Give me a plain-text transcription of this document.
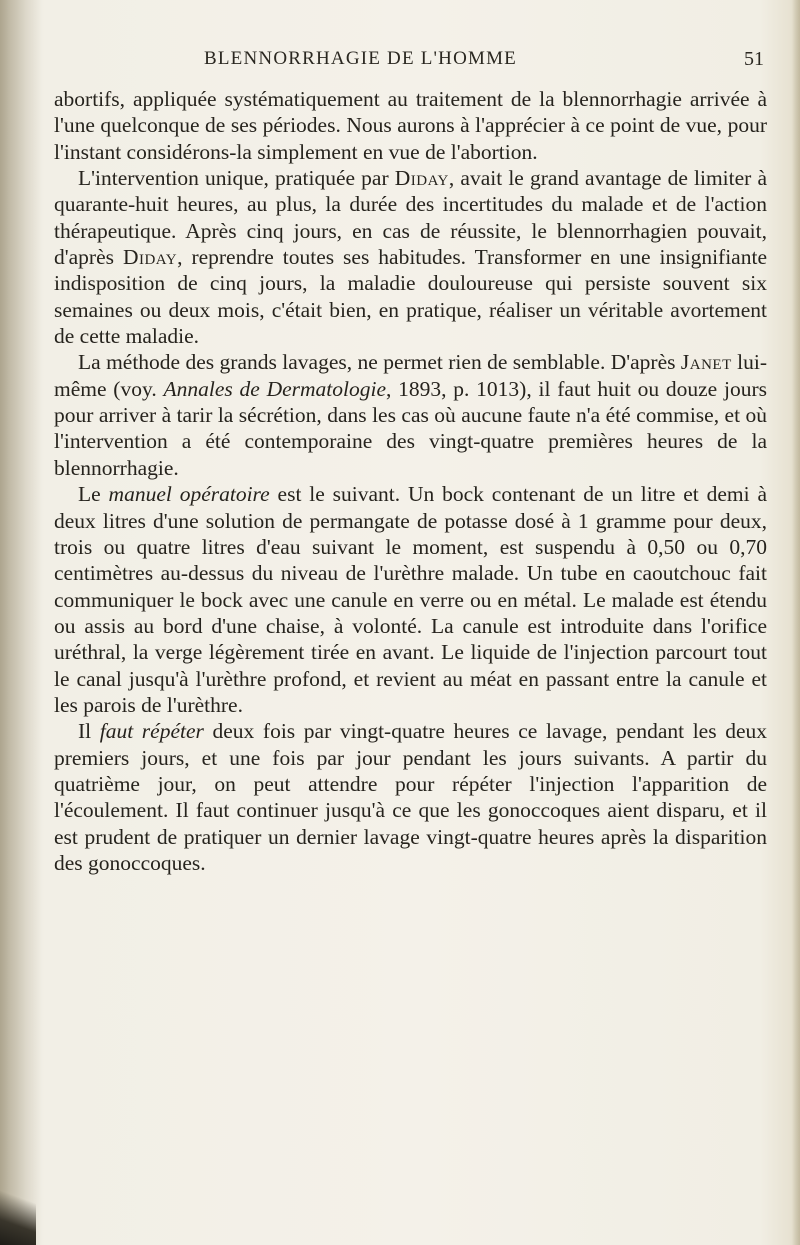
BLENNORRHAGIE DE L'HOMME	51

abortifs, appliquée systématiquement au traitement de la blennorrhagie arrivée à l'une quelconque de ses périodes. Nous aurons à l'apprécier à ce point de vue, pour l'instant considérons-la simplement en vue de l'abortion.

L'intervention unique, pratiquée par Diday, avait le grand avantage de limiter à quarante-huit heures, au plus, la durée des incertitudes du malade et de l'action thérapeutique. Après cinq jours, en cas de réussite, le blennorrhagien pouvait, d'après Diday, reprendre toutes ses habitudes. Transformer en une insignifiante indisposition de cinq jours, la maladie douloureuse qui persiste souvent six semaines ou deux mois, c'était bien, en pratique, réaliser un véritable avortement de cette maladie.

La méthode des grands lavages, ne permet rien de semblable. D'après Janet lui-même (voy. Annales de Dermatologie, 1893, p. 1013), il faut huit ou douze jours pour arriver à tarir la sécrétion, dans les cas où aucune faute n'a été commise, et où l'intervention a été contemporaine des vingt-quatre premières heures de la blennorrhagie.

Le manuel opératoire est le suivant. Un bock contenant de un litre et demi à deux litres d'une solution de permangate de potasse dosé à 1 gramme pour deux, trois ou quatre litres d'eau suivant le moment, est suspendu à 0,50 ou 0,70 centimètres au-dessus du niveau de l'urèthre malade. Un tube en caoutchouc fait communiquer le bock avec une canule en verre ou en métal. Le malade est étendu ou assis au bord d'une chaise, à volonté. La canule est introduite dans l'orifice uréthral, la verge légèrement tirée en avant. Le liquide de l'injection parcourt tout le canal jusqu'à l'urèthre profond, et revient au méat en passant entre la canule et les parois de l'urèthre.

Il faut répéter deux fois par vingt-quatre heures ce lavage, pendant les deux premiers jours, et une fois par jour pendant les jours suivants. A partir du quatrième jour, on peut attendre pour répéter l'injection l'apparition de l'écoulement. Il faut continuer jusqu'à ce que les gonoccoques aient disparu, et il est prudent de pratiquer un dernier lavage vingt-quatre heures après la disparition des gonoccoques.
